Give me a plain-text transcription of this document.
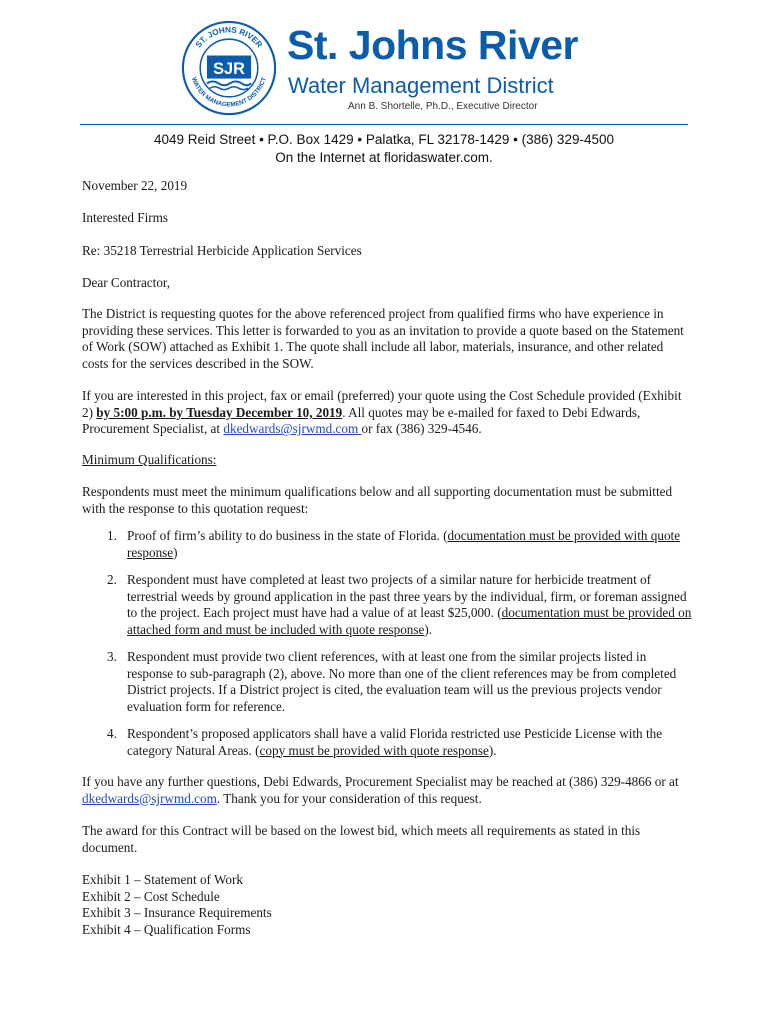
ST. JOHNS RIVER
WATER MANAGEMENT DISTRICT
SJR
St. Johns River
Water Management District
Ann B. Shortelle, Ph.D., Executive Director
4049 Reid Street • P.O. Box 1429 • Palatka, FL 32178-1429 • (386) 329-4500
On the Internet at floridaswater.com.
November 22, 2019
Interested Firms
Re: 35218 Terrestrial Herbicide Application Services
Dear Contractor,
The District is requesting quotes for the above referenced project from qualified firms who have experience in providing these services. This letter is forwarded to you as an invitation to provide a quote based on the Statement of Work (SOW) attached as Exhibit 1. The quote shall include all labor, materials, insurance, and other related costs for the services described in the SOW.
If you are interested in this project, fax or email (preferred) your quote using the Cost Schedule provided (Exhibit 2) by 5:00 p.m. by Tuesday December 10, 2019. All quotes may be e-mailed for faxed to Debi Edwards, Procurement Specialist, at dkedwards@sjrwmd.com or fax (386) 329-4546.
Minimum Qualifications:
Respondents must meet the minimum qualifications below and all supporting documentation must be submitted with the response to this quotation request:
1. Proof of firm’s ability to do business in the state of Florida. (documentation must be provided with quote response)
2. Respondent must have completed at least two projects of a similar nature for herbicide treatment of terrestrial weeds by ground application in the past three years by the individual, firm, or foreman assigned to the project. Each project must have had a value of at least $25,000. (documentation must be provided on attached form and must be included with quote response).
3. Respondent must provide two client references, with at least one from the similar projects listed in response to sub-paragraph (2), above. No more than one of the client references may be from completed District projects. If a District project is cited, the evaluation team will us the previous projects vendor evaluation form for reference.
4. Respondent’s proposed applicators shall have a valid Florida restricted use Pesticide License with the category Natural Areas. (copy must be provided with quote response).
If you have any further questions, Debi Edwards, Procurement Specialist may be reached at (386) 329-4866 or at dkedwards@sjrwmd.com. Thank you for your consideration of this request.
The award for this Contract will be based on the lowest bid, which meets all requirements as stated in this document.
Exhibit 1 – Statement of Work
Exhibit 2 – Cost Schedule
Exhibit 3 – Insurance Requirements
Exhibit 4 – Qualification Forms
